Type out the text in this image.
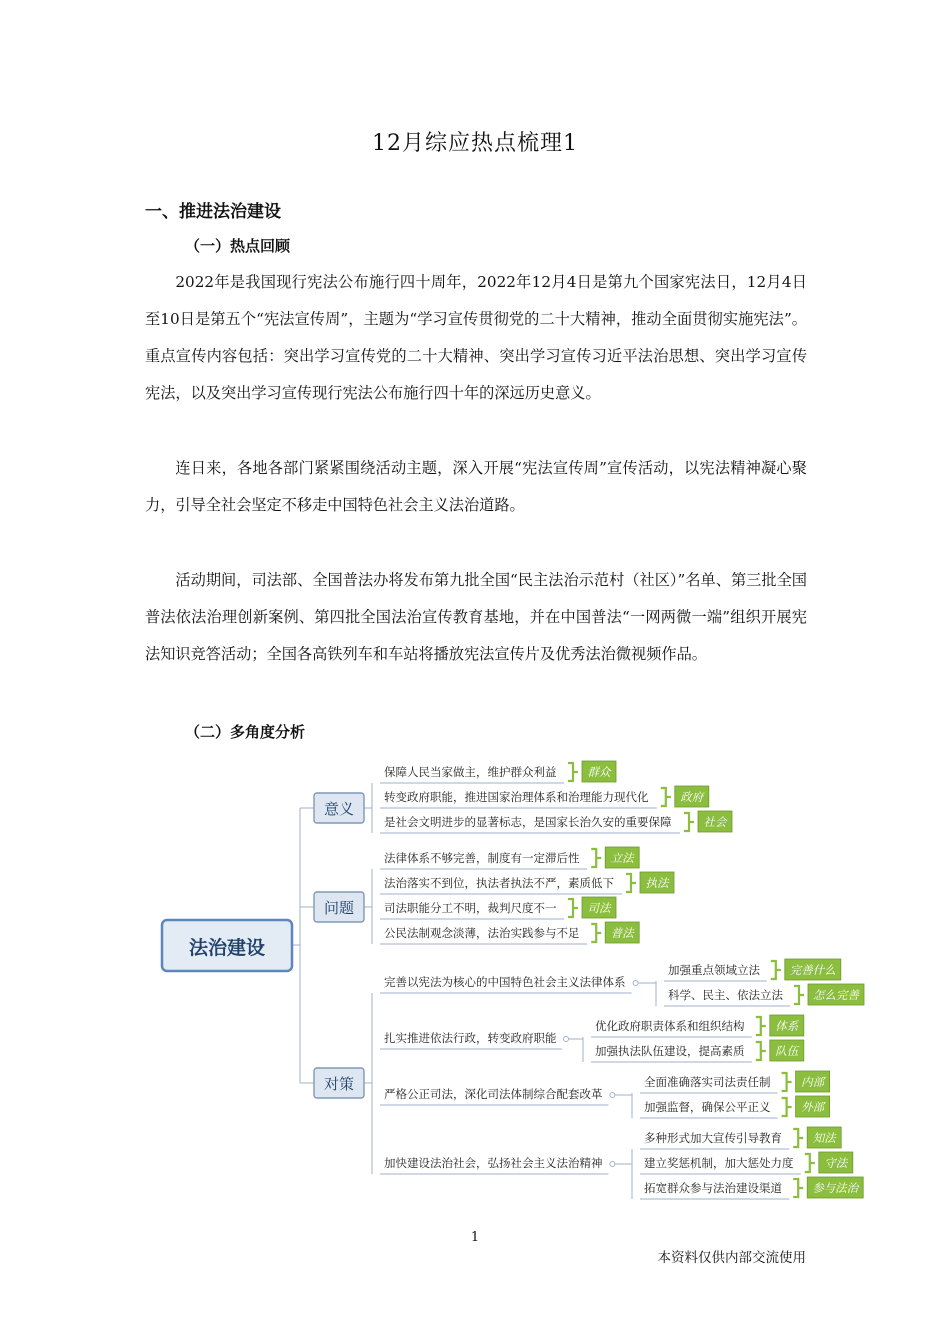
12月综应热点梳理1
一、推进法治建设
（一）热点回顾

2022年是我国现行宪法公布施行四十周年，2022年12月4日是第九个国家宪法日，12月4日至10日是第五个“宪法宣传周”，主题为“学习宣传贯彻党的二十大精神，推动全面贯彻实施宪法”。重点宣传内容包括：突出学习宣传党的二十大精神、突出学习宣传习近平法治思想、突出学习宣传宪法，以及突出学习宣传现行宪法公布施行四十年的深远历史意义。

连日来，各地各部门紧紧围绕活动主题，深入开展“宪法宣传周”宣传活动，以宪法精神凝心聚力，引导全社会坚定不移走中国特色社会主义法治道路。

活动期间，司法部、全国普法办将发布第九批全国“民主法治示范村（社区）”名单、第三批全国普法依法治理创新案例、第四批全国法治宣传教育基地，并在中国普法“一网两微一端”组织开展宪法知识竞答活动；全国各高铁列车和车站将播放宪法宣传片及优秀法治微视频作品。

（二）多角度分析
法治建设
意义
问题
对策
保障人民当家做主，维护群众利益	群众
转变政府职能，推进国家治理体系和治理能力现代化	政府
是社会文明进步的显著标志，是国家长治久安的重要保障	社会
法律体系不够完善，制度有一定滞后性	立法
法治落实不到位，执法者执法不严，素质低下	执法
司法职能分工不明，裁判尺度不一	司法
公民法制观念淡薄，法治实践参与不足	普法
完善以宪法为核心的中国特色社会主义法律体系
加强重点领域立法	完善什么
科学、民主、依法立法	怎么完善
扎实推进依法行政，转变政府职能
优化政府职责体系和组织结构	体系
加强执法队伍建设，提高素质	队伍
严格公正司法，深化司法体制综合配套改革
全面准确落实司法责任制	内部
加强监督，确保公平正义	外部
加快建设法治社会，弘扬社会主义法治精神
多种形式加大宣传引导教育	知法
建立奖惩机制，加大惩处力度	守法
拓宽群众参与法治建设渠道	参与法治
1
本资料仅供内部交流使用
